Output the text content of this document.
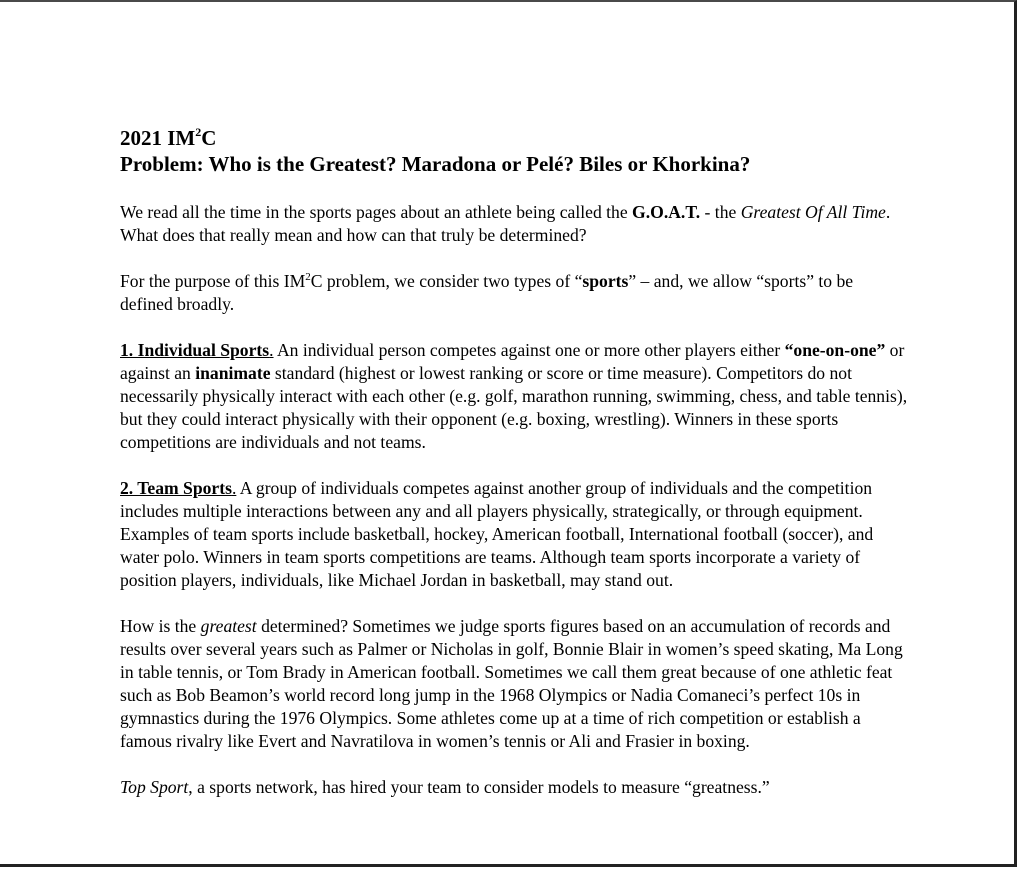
2021 $IM^2C$
Problem: Who is the Greatest? Maradona or Pelé? Biles or Khorkina?

We read all the time in the sports pages about an athlete being called the G.O.A.T. - the Greatest Of All Time. What does that really mean and how can that truly be determined?

For the purpose of this $IM^2C$ problem, we consider two types of “sports” – and, we allow “sports” to be defined broadly.

1. Individual Sports. An individual person competes against one or more other players either “one-on-one” or against an inanimate standard (highest or lowest ranking or score or time measure). Competitors do not necessarily physically interact with each other (e.g. golf, marathon running, swimming, chess, and table tennis), but they could interact physically with their opponent (e.g. boxing, wrestling). Winners in these sports competitions are individuals and not teams.

2. Team Sports. A group of individuals competes against another group of individuals and the competition includes multiple interactions between any and all players physically, strategically, or through equipment. Examples of team sports include basketball, hockey, American football, International football (soccer), and water polo. Winners in team sports competitions are teams. Although team sports incorporate a variety of position players, individuals, like Michael Jordan in basketball, may stand out.

How is the greatest determined? Sometimes we judge sports figures based on an accumulation of records and results over several years such as Palmer or Nicholas in golf, Bonnie Blair in women’s speed skating, Ma Long in table tennis, or Tom Brady in American football. Sometimes we call them great because of one athletic feat such as Bob Beamon’s world record long jump in the 1968 Olympics or Nadia Comaneci’s perfect 10s in gymnastics during the 1976 Olympics. Some athletes come up at a time of rich competition or establish a famous rivalry like Evert and Navratilova in women’s tennis or Ali and Frasier in boxing.

Top Sport, a sports network, has hired your team to consider models to measure “greatness.”
